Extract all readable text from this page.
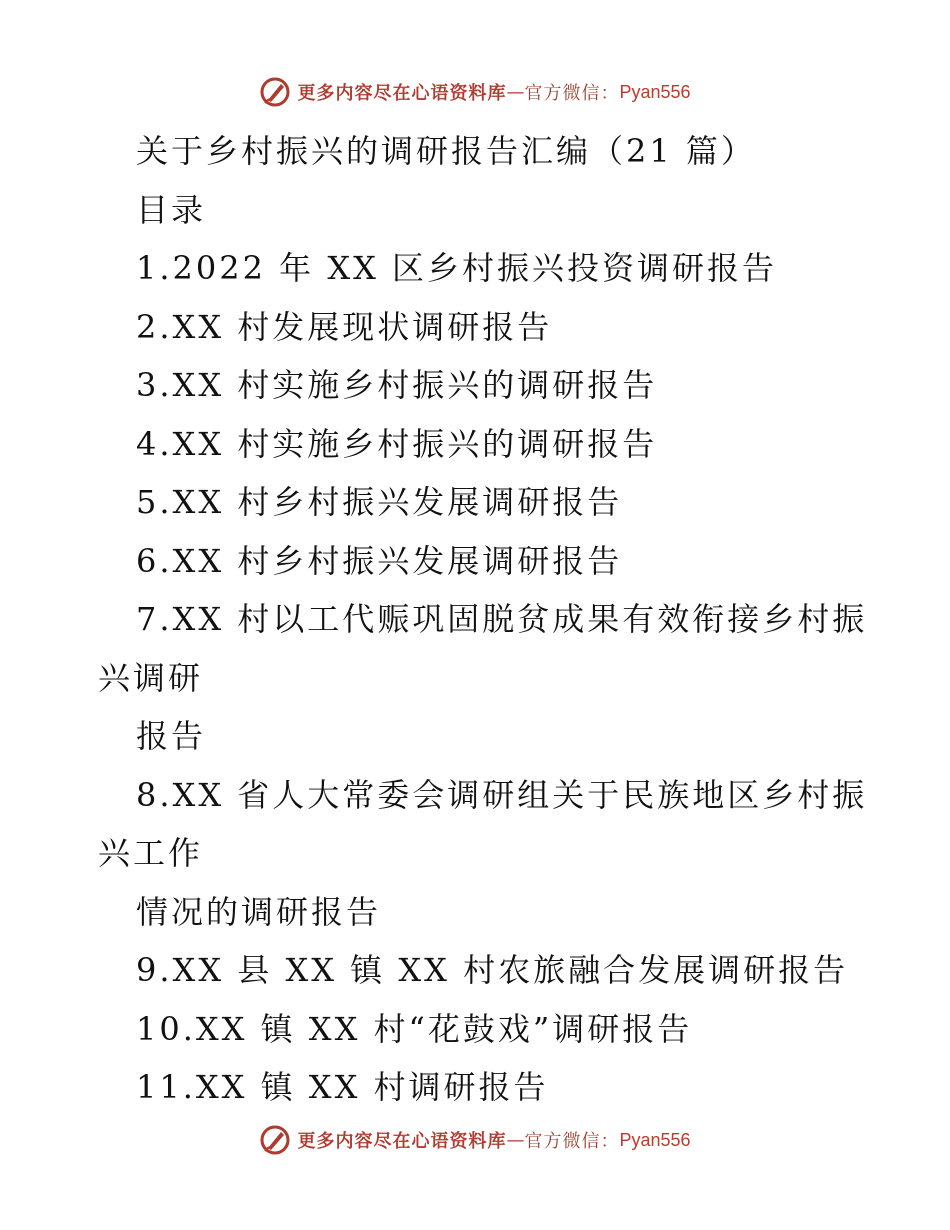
更多内容尽在心语资料库 — 官方微信： Pyan556
关于乡村振兴的调研报告汇编（21 篇）
目录
1.2022 年 XX 区乡村振兴投资调研报告
2.XX 村发展现状调研报告
3.XX 村实施乡村振兴的调研报告
4.XX 村实施乡村振兴的调研报告
5.XX 村乡村振兴发展调研报告
6.XX 村乡村振兴发展调研报告
7.XX 村以工代赈巩固脱贫成果有效衔接乡村振
兴调研
报告
8.XX 省人大常委会调研组关于民族地区乡村振
兴工作
情况的调研报告
9.XX 县 XX 镇 XX 村农旅融合发展调研报告
10.XX 镇 XX 村“花鼓戏”调研报告
11.XX 镇 XX 村调研报告
更多内容尽在心语资料库 — 官方微信： Pyan556
